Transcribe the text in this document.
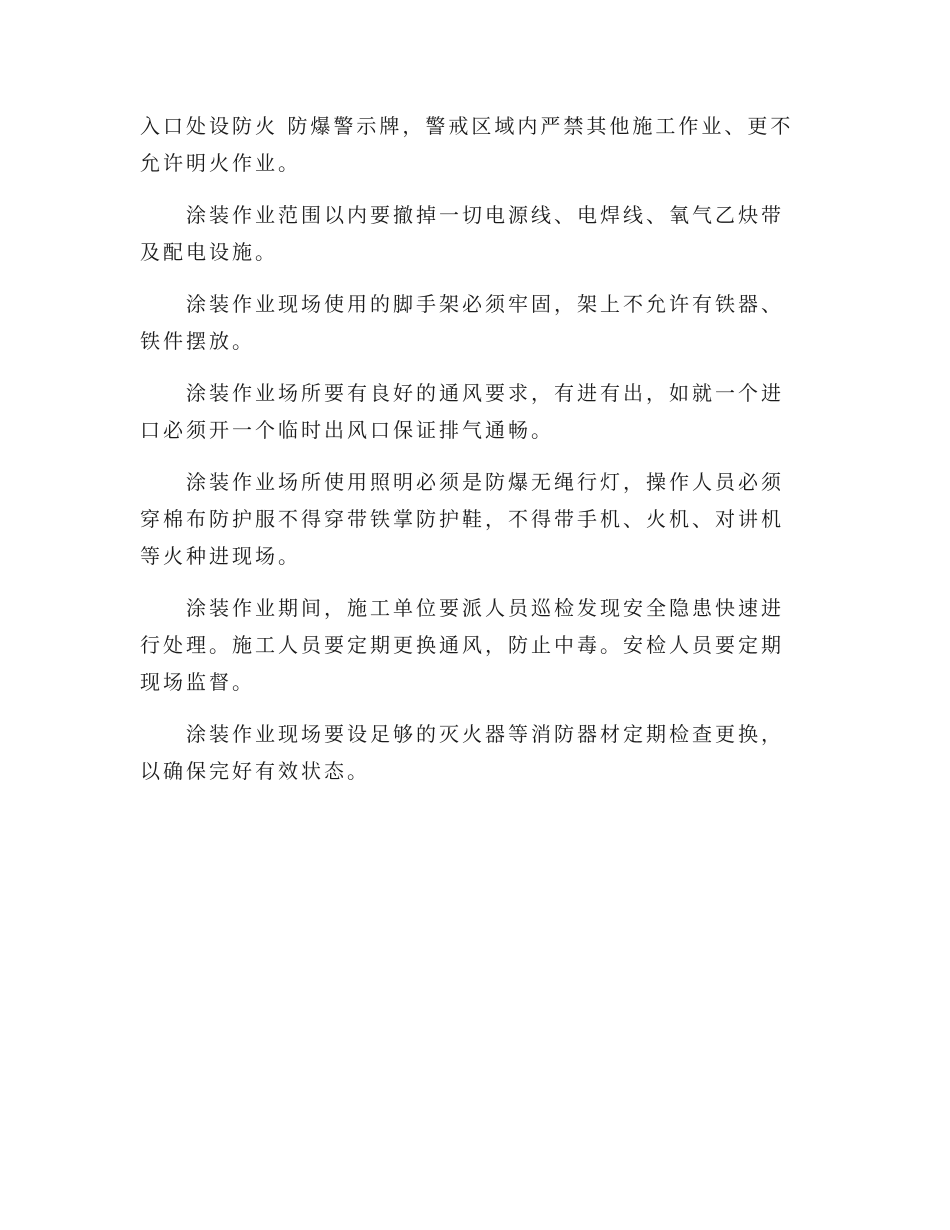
入口处设防火 防爆警示牌，警戒区域内严禁其他施工作业、更不允许明火作业。

涂装作业范围以内要撤掉一切电源线、电焊线、氧气乙炔带及配电设施。

涂装作业现场使用的脚手架必须牢固，架上不允许有铁器、铁件摆放。

涂装作业场所要有良好的通风要求，有进有出，如就一个进口必须开一个临时出风口保证排气通畅。

涂装作业场所使用照明必须是防爆无绳行灯，操作人员必须穿棉布防护服不得穿带铁掌防护鞋，不得带手机、火机、对讲机等火种进现场。

涂装作业期间，施工单位要派人员巡检发现安全隐患快速进行处理。施工人员要定期更换通风，防止中毒。安检人员要定期现场监督。

涂装作业现场要设足够的灭火器等消防器材定期检查更换，以确保完好有效状态。
